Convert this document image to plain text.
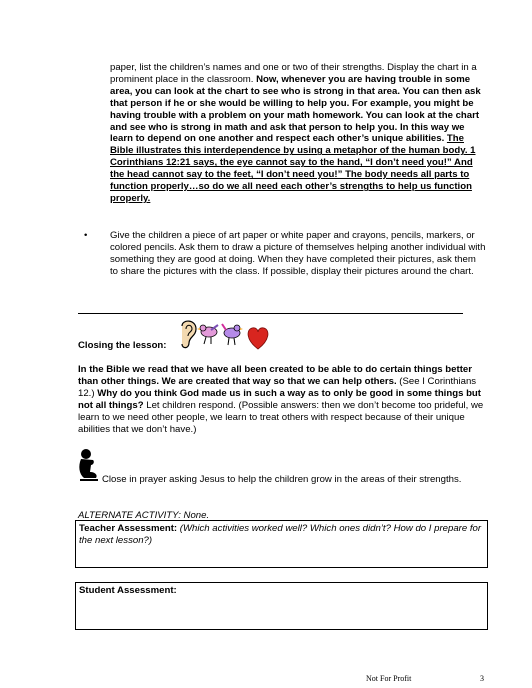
paper, list the children’s names and one or two of their strengths. Display the chart in a prominent place in the classroom. Now, whenever you are having trouble in some area, you can look at the chart to see who is strong in that area. You can then ask that person if he or she would be willing to help you. For example, you might be having trouble with a problem on your math homework. You can look at the chart and see who is strong in math and ask that person to help you. In this way we learn to depend on one another and respect each other’s unique abilities. The Bible illustrates this interdependence by using a metaphor of the human body. 1 Corinthians 12:21 says, the eye cannot say to the hand, “I don’t need you!” And the head cannot say to the feet, “I don’t need you!” The body needs all parts to function properly…so do we all need each other’s strengths to help us function properly.
•	Give the children a piece of art paper or white paper and crayons, pencils, markers, or colored pencils. Ask them to draw a picture of themselves helping another individual with something they are good at doing. When they have completed their pictures, ask them to share the pictures with the class. If possible, display their pictures around the chart.
Closing the lesson:
In the Bible we read that we have all been created to be able to do certain things better than other things. We are created that way so that we can help others. (See I Corinthians 12.) Why do you think God made us in such a way as to only be good in some things but not all things? Let children respond. (Possible answers: then we don’t become too prideful, we learn to we need other people, we learn to treat others with respect because of their unique abilities that we don’t have.)
Close in prayer asking Jesus to help the children grow in the areas of their strengths.
ALTERNATE ACTIVITY: None.
Teacher Assessment: (Which activities worked well? Which ones didn’t? How do I prepare for the next lesson?)
Student Assessment:
Not For Profit	3
